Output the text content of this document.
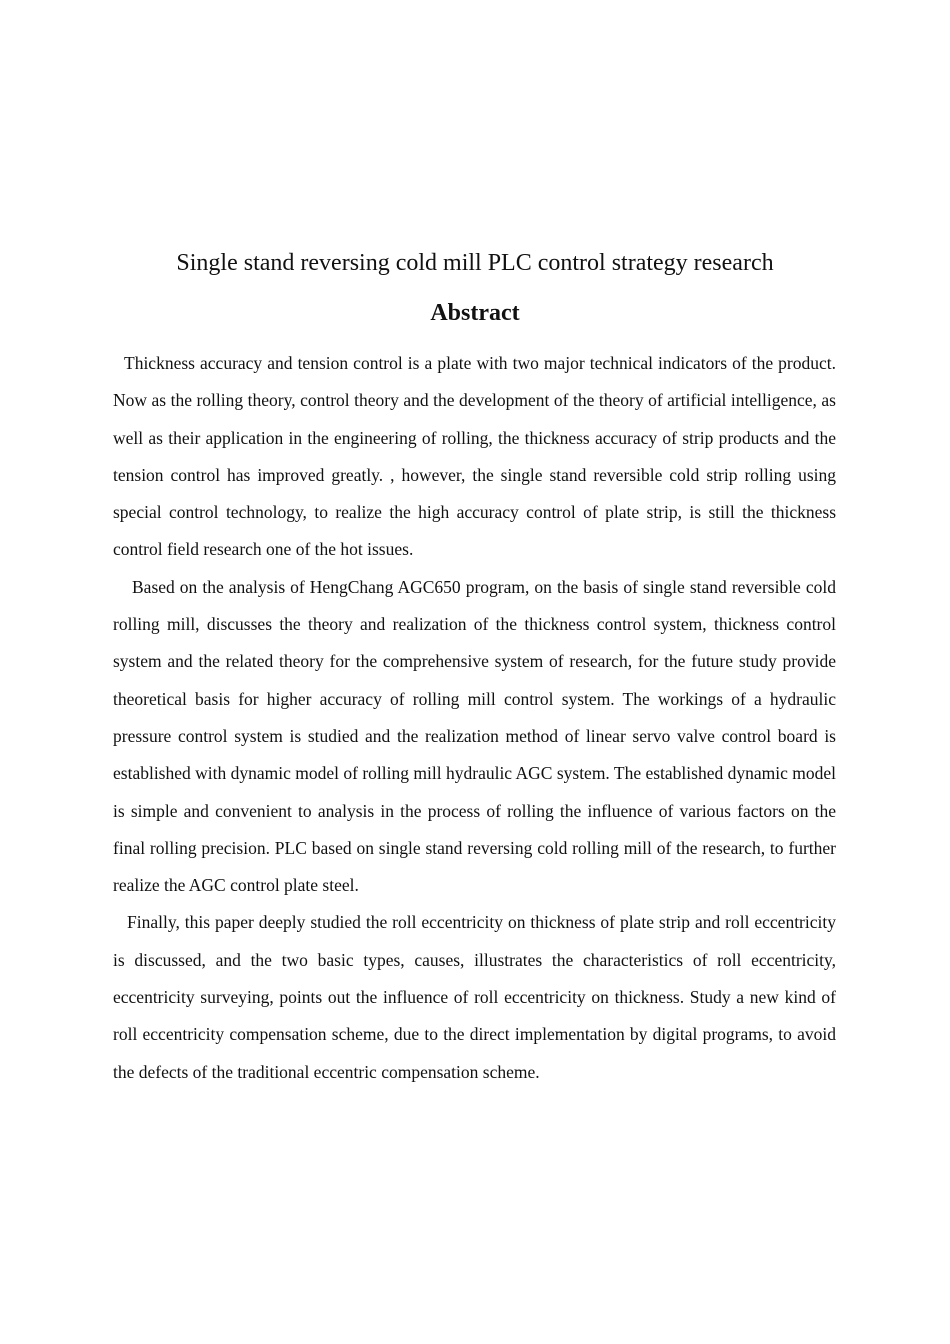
Single stand reversing cold mill PLC control strategy research
Abstract

Thickness accuracy and tension control is a plate with two major technical indicators of the product. Now as the rolling theory, control theory and the development of the theory of artificial intelligence, as well as their application in the engineering of rolling, the thickness accuracy of strip products and the tension control has improved greatly. , however, the single stand reversible cold strip rolling using special control technology, to realize the high accuracy control of plate strip, is still the thickness control field research one of the hot issues.

Based on the analysis of HengChang AGC650 program, on the basis of single stand reversible cold rolling mill, discusses the theory and realization of the thickness control system, thickness control system and the related theory for the comprehensive system of research, for the future study provide theoretical basis for higher accuracy of rolling mill control system. The workings of a hydraulic pressure control system is studied and the realization method of linear servo valve control board is established with dynamic model of rolling mill hydraulic AGC system. The established dynamic model is simple and convenient to analysis in the process of rolling the influence of various factors on the final rolling precision. PLC based on single stand reversing cold rolling mill of the research, to further realize the AGC control plate steel.

Finally, this paper deeply studied the roll eccentricity on thickness of plate strip and roll eccentricity is discussed, and the two basic types, causes, illustrates the characteristics of roll eccentricity, eccentricity surveying, points out the influence of roll eccentricity on thickness. Study a new kind of roll eccentricity compensation scheme, due to the direct implementation by digital programs, to avoid the defects of the traditional eccentric compensation scheme.
